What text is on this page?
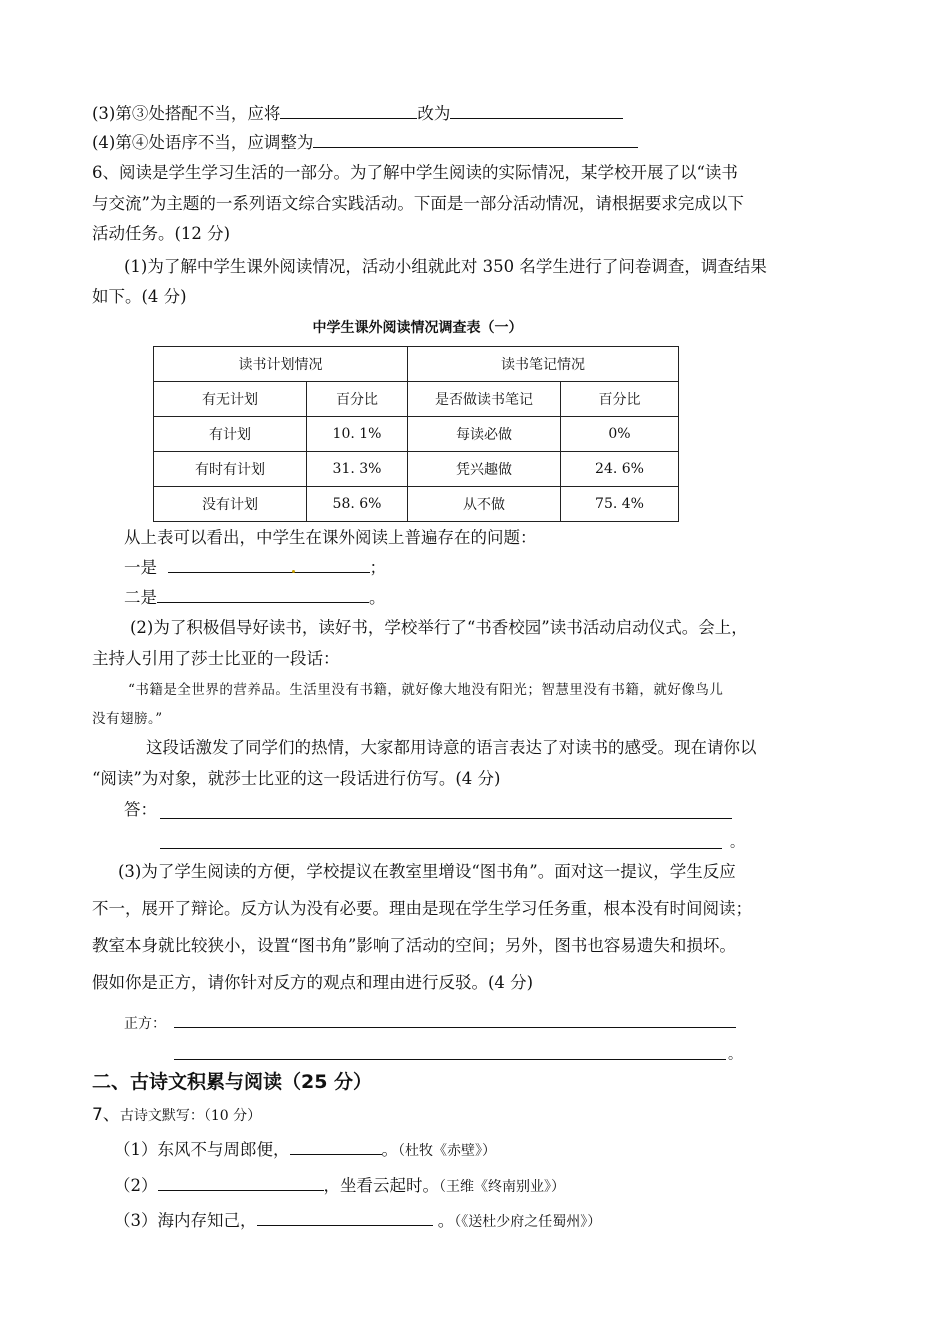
(3)第③处搭配不当，应将	改为
(4)第④处语序不当，应调整为
6、阅读是学生学习生活的一部分。为了解中学生阅读的实际情况，某学校开展了以“读书
与交流”为主题的一系列语文综合实践活动。下面是一部分活动情况，请根据要求完成以下
活动任务。(12 分)
(1)为了解中学生课外阅读情况，活动小组就此对 350 名学生进行了问卷调查，调查结果
如下。(4 分)
中学生课外阅读情况调查表（一）
读书计划情况		读书笔记情况	
有无计划	百分比	是否做读书笔记	百分比
有计划	10. 1%	每读必做	0%
有时有计划	31. 3%	凭兴趣做	24. 6%
没有计划	58. 6%	从不做	75. 4%
从上表可以看出，中学生在课外阅读上普遍存在的问题：
一是	；
二是	。
(2)为了积极倡导好读书，读好书，学校举行了“书香校园”读书活动启动仪式。会上，
主持人引用了莎士比亚的一段话：
“书籍是全世界的营养品。生活里没有书籍，就好像大地没有阳光；智慧里没有书籍，就好像鸟儿
没有翅膀。”
这段话激发了同学们的热情，大家都用诗意的语言表达了对读书的感受。现在请你以
“阅读”为对象，就莎士比亚的这一段话进行仿写。(4 分)
答：
。
(3)为了学生阅读的方便，学校提议在教室里增设“图书角”。面对这一提议，学生反应
不一，展开了辩论。反方认为没有必要。理由是现在学生学习任务重，根本没有时间阅读；
教室本身就比较狭小，设置“图书角”影响了活动的空间；另外，图书也容易遗失和损坏。
假如你是正方，请你针对反方的观点和理由进行反驳。(4 分)
正方：
。
二、古诗文积累与阅读（25 分）
7、古诗文默写：（10 分）
（1）东风不与周郎便，	。（杜牧《赤壁》）
（2）	，坐看云起时。（王维《终南别业》）
（3）海内存知己，	。（《送杜少府之任蜀州》）
